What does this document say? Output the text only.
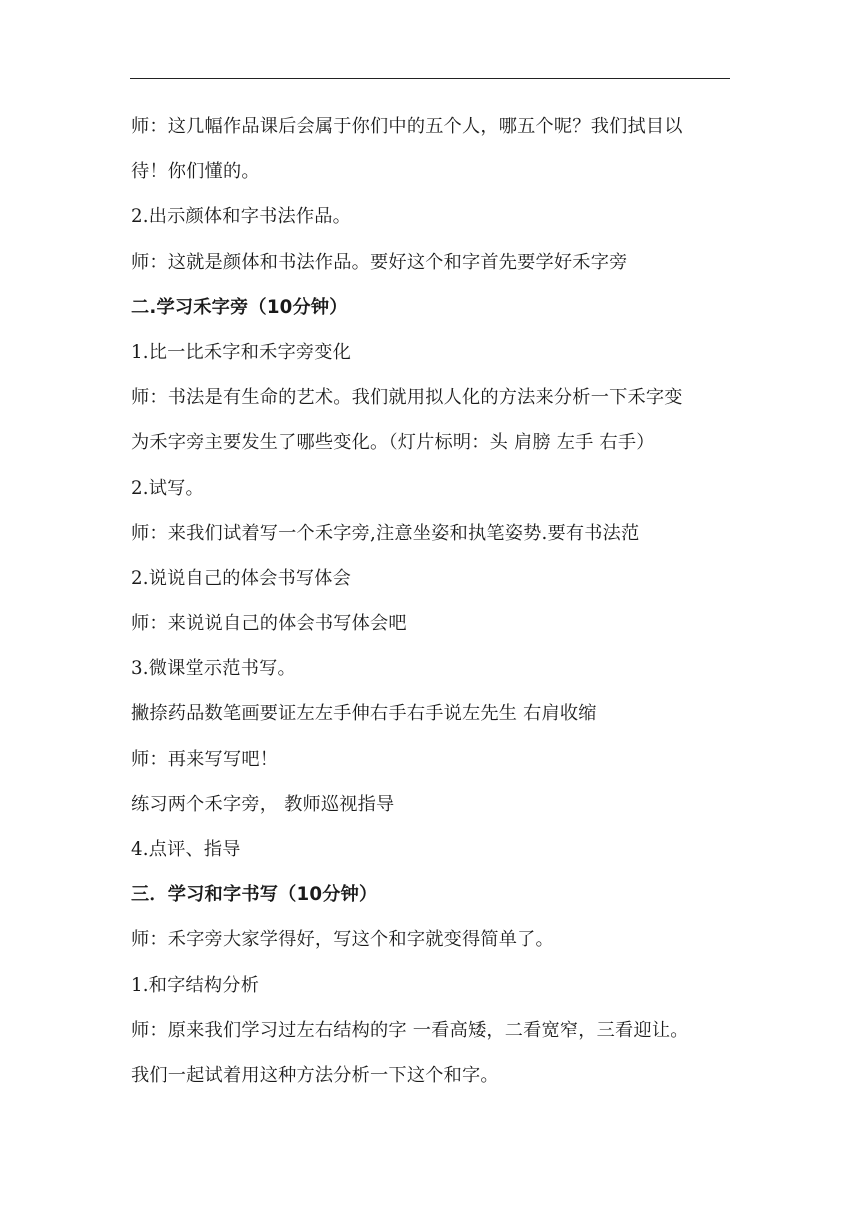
师：这几幅作品课后会属于你们中的五个人，哪五个呢？我们拭目以
待！你们懂的。
2.出示颜体和字书法作品。
师：这就是颜体和书法作品。要好这个和字首先要学好禾字旁
二.学习禾字旁（10分钟）
1.比一比禾字和禾字旁变化
师：书法是有生命的艺术。我们就用拟人化的方法来分析一下禾字变
为禾字旁主要发生了哪些变化。（灯片标明：头 肩膀 左手 右手）
2.试写。
师：来我们试着写一个禾字旁,注意坐姿和执笔姿势.要有书法范
2.说说自己的体会书写体会
师：来说说自己的体会书写体会吧
3.微课堂示范书写。
撇捺药品数笔画要证左左手伸右手右手说左先生 右肩收缩
师：再来写写吧！
练习两个禾字旁， 教师巡视指导
4.点评、指导
三．学习和字书写（10分钟）
师：禾字旁大家学得好，写这个和字就变得简单了。
1.和字结构分析
师：原来我们学习过左右结构的字 一看高矮，二看宽窄，三看迎让。
我们一起试着用这种方法分析一下这个和字。
